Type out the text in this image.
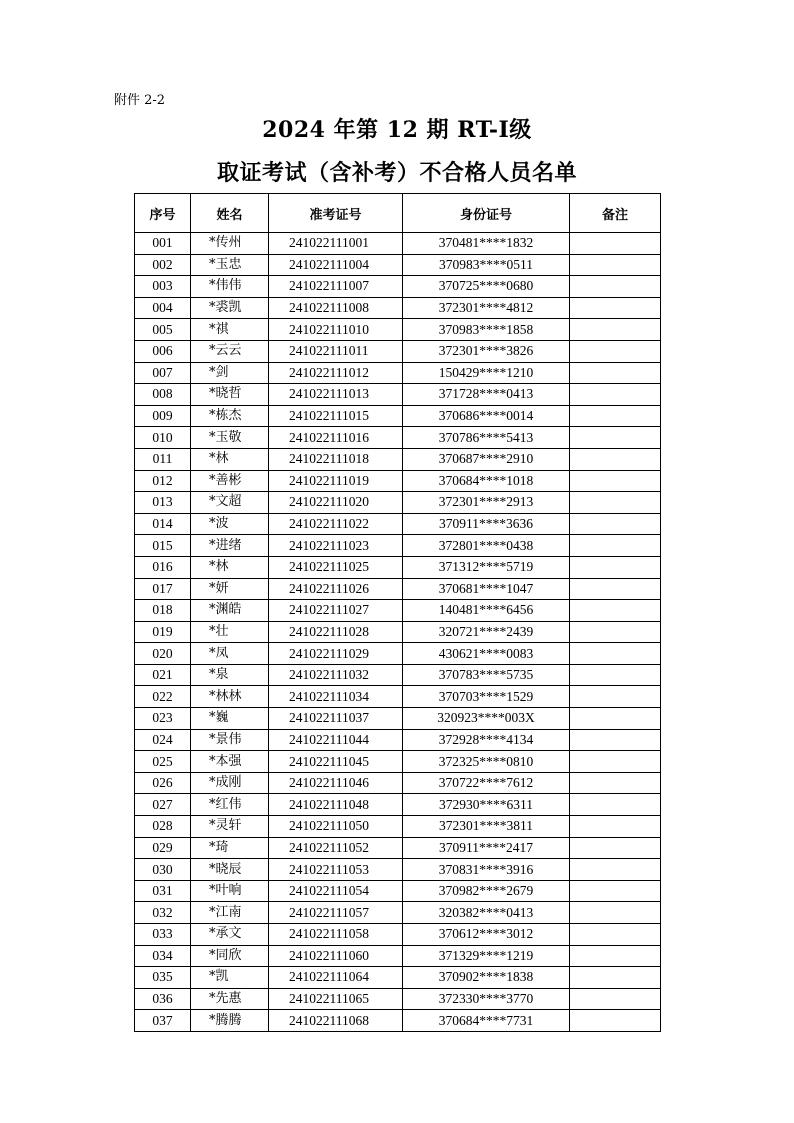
附件 2-2
2024 年第 12 期 RT-Ⅰ级
取证考试（含补考）不合格人员名单
序号	姓名	准考证号	身份证号	备注
001	*传州	241022111001	370481****1832	
002	*玉忠	241022111004	370983****0511	
003	*伟伟	241022111007	370725****0680	
004	*裘凯	241022111008	372301****4812	
005	*祺	241022111010	370983****1858	
006	*云云	241022111011	372301****3826	
007	*剑	241022111012	150429****1210	
008	*晓哲	241022111013	371728****0413	
009	*栋杰	241022111015	370686****0014	
010	*玉敬	241022111016	370786****5413	
011	*林	241022111018	370687****2910	
012	*善彬	241022111019	370684****1018	
013	*文超	241022111020	372301****2913	
014	*波	241022111022	370911****3636	
015	*进绪	241022111023	372801****0438	
016	*林	241022111025	371312****5719	
017	*妍	241022111026	370681****1047	
018	*渊皓	241022111027	140481****6456	
019	*壮	241022111028	320721****2439	
020	*凤	241022111029	430621****0083	
021	*泉	241022111032	370783****5735	
022	*林林	241022111034	370703****1529	
023	*巍	241022111037	320923****003X	
024	*景伟	241022111044	372928****4134	
025	*本强	241022111045	372325****0810	
026	*成刚	241022111046	370722****7612	
027	*红伟	241022111048	372930****6311	
028	*灵轩	241022111050	372301****3811	
029	*琦	241022111052	370911****2417	
030	*晓辰	241022111053	370831****3916	
031	*叶响	241022111054	370982****2679	
032	*江南	241022111057	320382****0413	
033	*承文	241022111058	370612****3012	
034	*同欣	241022111060	371329****1219	
035	*凯	241022111064	370902****1838	
036	*先惠	241022111065	372330****3770	
037	*腾腾	241022111068	370684****7731	
